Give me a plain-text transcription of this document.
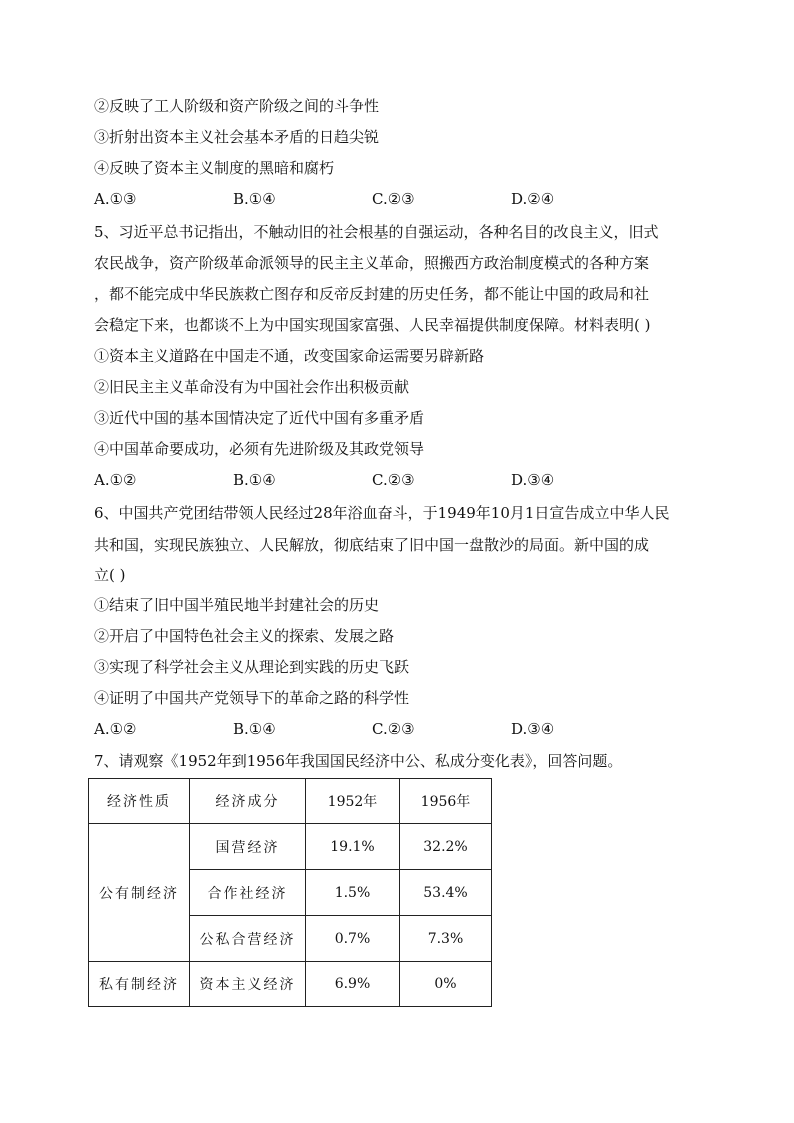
②反映了工人阶级和资产阶级之间的斗争性
③折射出资本主义社会基本矛盾的日趋尖锐
④反映了资本主义制度的黑暗和腐朽
A.①③	B.①④	C.②③	D.②④
5、习近平总书记指出，不触动旧的社会根基的自强运动，各种名目的改良主义，旧式
农民战争，资产阶级革命派领导的民主主义革命，照搬西方政治制度模式的各种方案
，都不能完成中华民族救亡图存和反帝反封建的历史任务，都不能让中国的政局和社
会稳定下来，也都谈不上为中国实现国家富强、人民幸福提供制度保障。材料表明( )
①资本主义道路在中国走不通，改变国家命运需要另辟新路
②旧民主主义革命没有为中国社会作出积极贡献
③近代中国的基本国情决定了近代中国有多重矛盾
④中国革命要成功，必须有先进阶级及其政党领导
A.①②	B.①④	C.②③	D.③④
6、中国共产党团结带领人民经过28年浴血奋斗，于1949年10月1日宣告成立中华人民
共和国，实现民族独立、人民解放，彻底结束了旧中国一盘散沙的局面。新中国的成
立( )
①结束了旧中国半殖民地半封建社会的历史
②开启了中国特色社会主义的探索、发展之路
③实现了科学社会主义从理论到实践的历史飞跃
④证明了中国共产党领导下的革命之路的科学性
A.①②	B.①④	C.②③	D.③④
7、请观察《1952年到1956年我国国民经济中公、私成分变化表》，回答问题。
经济性质	经济成分	1952年	1956年
公有制经济	国营经济	19.1%	32.2%
	合作社经济	1.5%	53.4%
	公私合营经济	0.7%	7.3%
私有制经济	资本主义经济	6.9%	0%
